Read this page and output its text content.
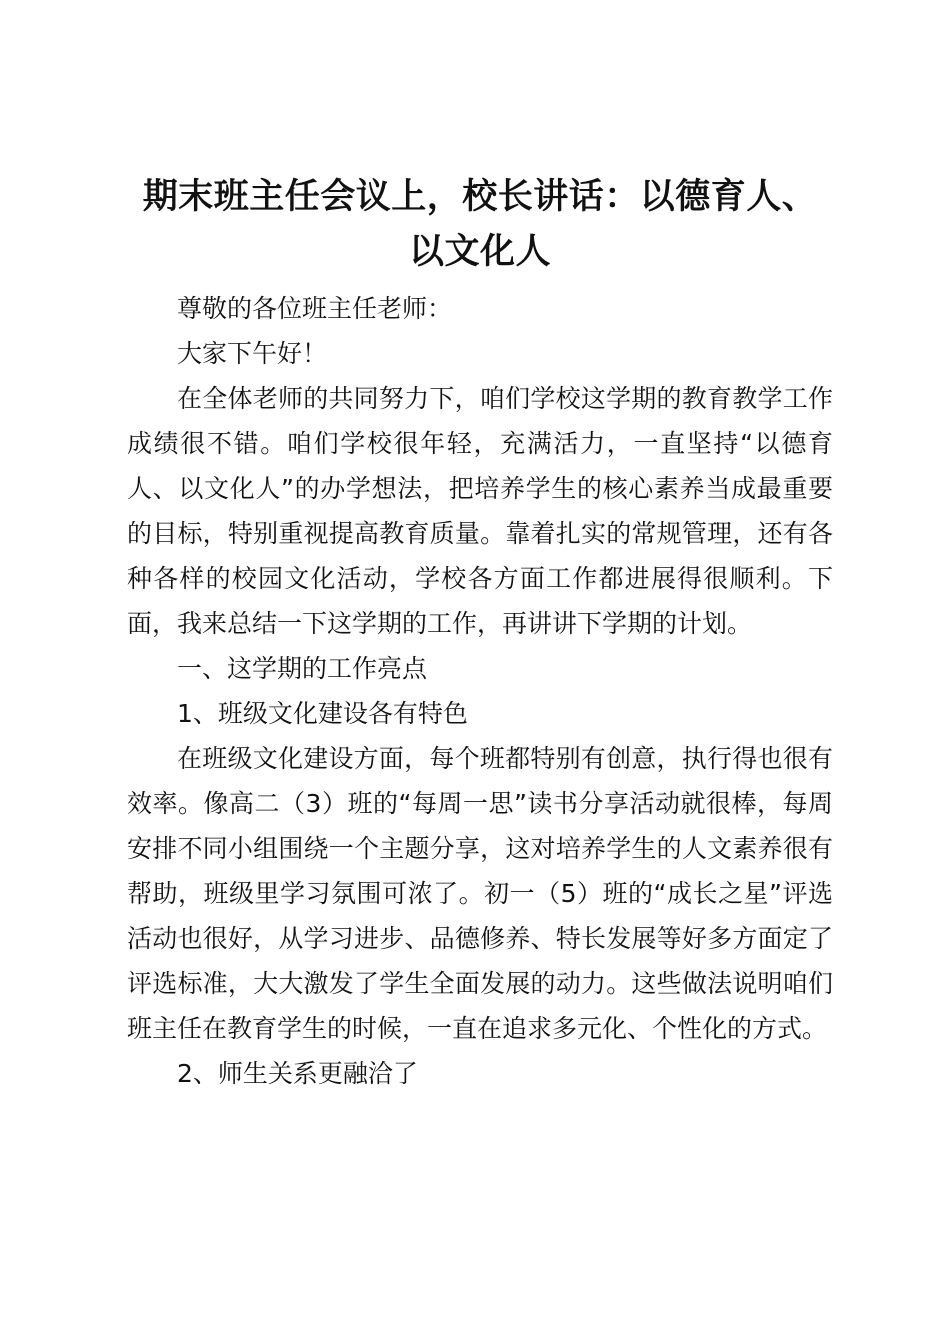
期末班主任会议上，校长讲话：以德育人、以文化人

尊敬的各位班主任老师：

大家下午好！

在全体老师的共同努力下，咱们学校这学期的教育教学工作成绩很不错。咱们学校很年轻，充满活力，一直坚持“以德育人、以文化人”的办学想法，把培养学生的核心素养当成最重要的目标，特别重视提高教育质量。靠着扎实的常规管理，还有各种各样的校园文化活动，学校各方面工作都进展得很顺利。下面，我来总结一下这学期的工作，再讲讲下学期的计划。

一、这学期的工作亮点

1、班级文化建设各有特色

在班级文化建设方面，每个班都特别有创意，执行得也很有效率。像高二（3）班的“每周一思”读书分享活动就很棒，每周安排不同小组围绕一个主题分享，这对培养学生的人文素养很有帮助，班级里学习氛围可浓了。初一（5）班的“成长之星”评选活动也很好，从学习进步、品德修养、特长发展等好多方面定了评选标准，大大激发了学生全面发展的动力。这些做法说明咱们班主任在教育学生的时候，一直在追求多元化、个性化的方式。

2、师生关系更融洽了
